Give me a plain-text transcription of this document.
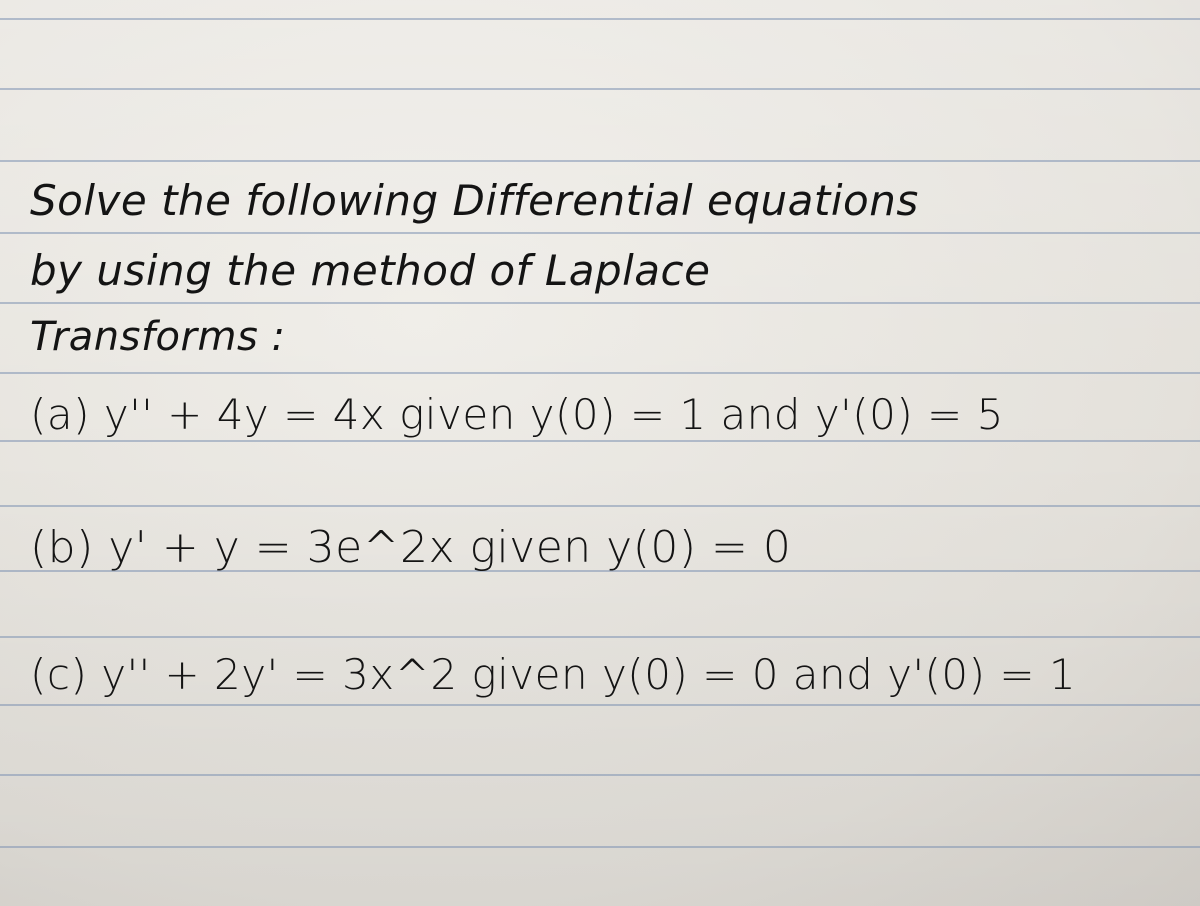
Solve the following Differential equations

by using the method of Laplace

Transforms :

(a) y'' + 4y = 4x given y(0) = 1 and y'(0) = 5

(b) y' + y = 3e^2x given y(0) = 0

(c) y'' + 2y' = 3x^2 given y(0) = 0 and y'(0) = 1
